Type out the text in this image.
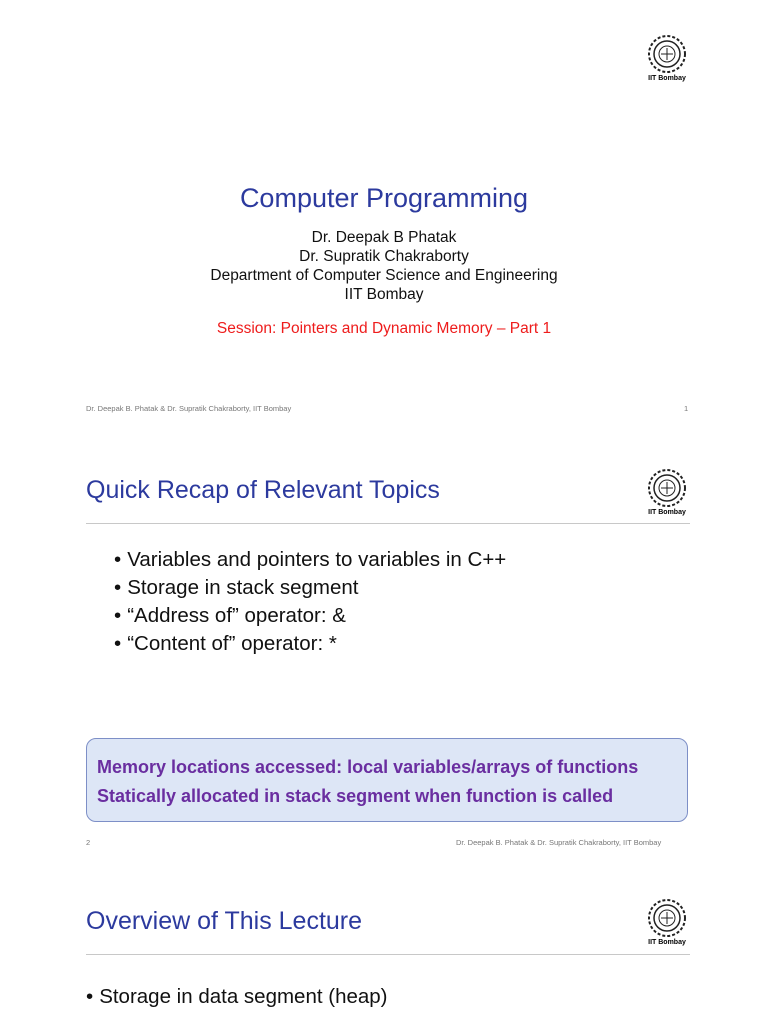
IIT Bombay
Computer Programming
Dr. Deepak B Phatak
Dr. Supratik Chakraborty
Department of Computer Science and Engineering
IIT Bombay
Session: Pointers and Dynamic Memory – Part 1
Dr. Deepak B. Phatak & Dr. Supratik Chakraborty, IIT Bombay	1
IIT Bombay
Quick Recap of Relevant Topics
• Variables and pointers to variables in C++
• Storage in stack segment
• “Address of” operator: &
• “Content of” operator: *
Memory locations accessed: local variables/arrays of functions
Statically allocated in stack segment when function is called
2	Dr. Deepak B. Phatak & Dr. Supratik Chakraborty, IIT Bombay
IIT Bombay
Overview of This Lecture
• Storage in data segment (heap)
